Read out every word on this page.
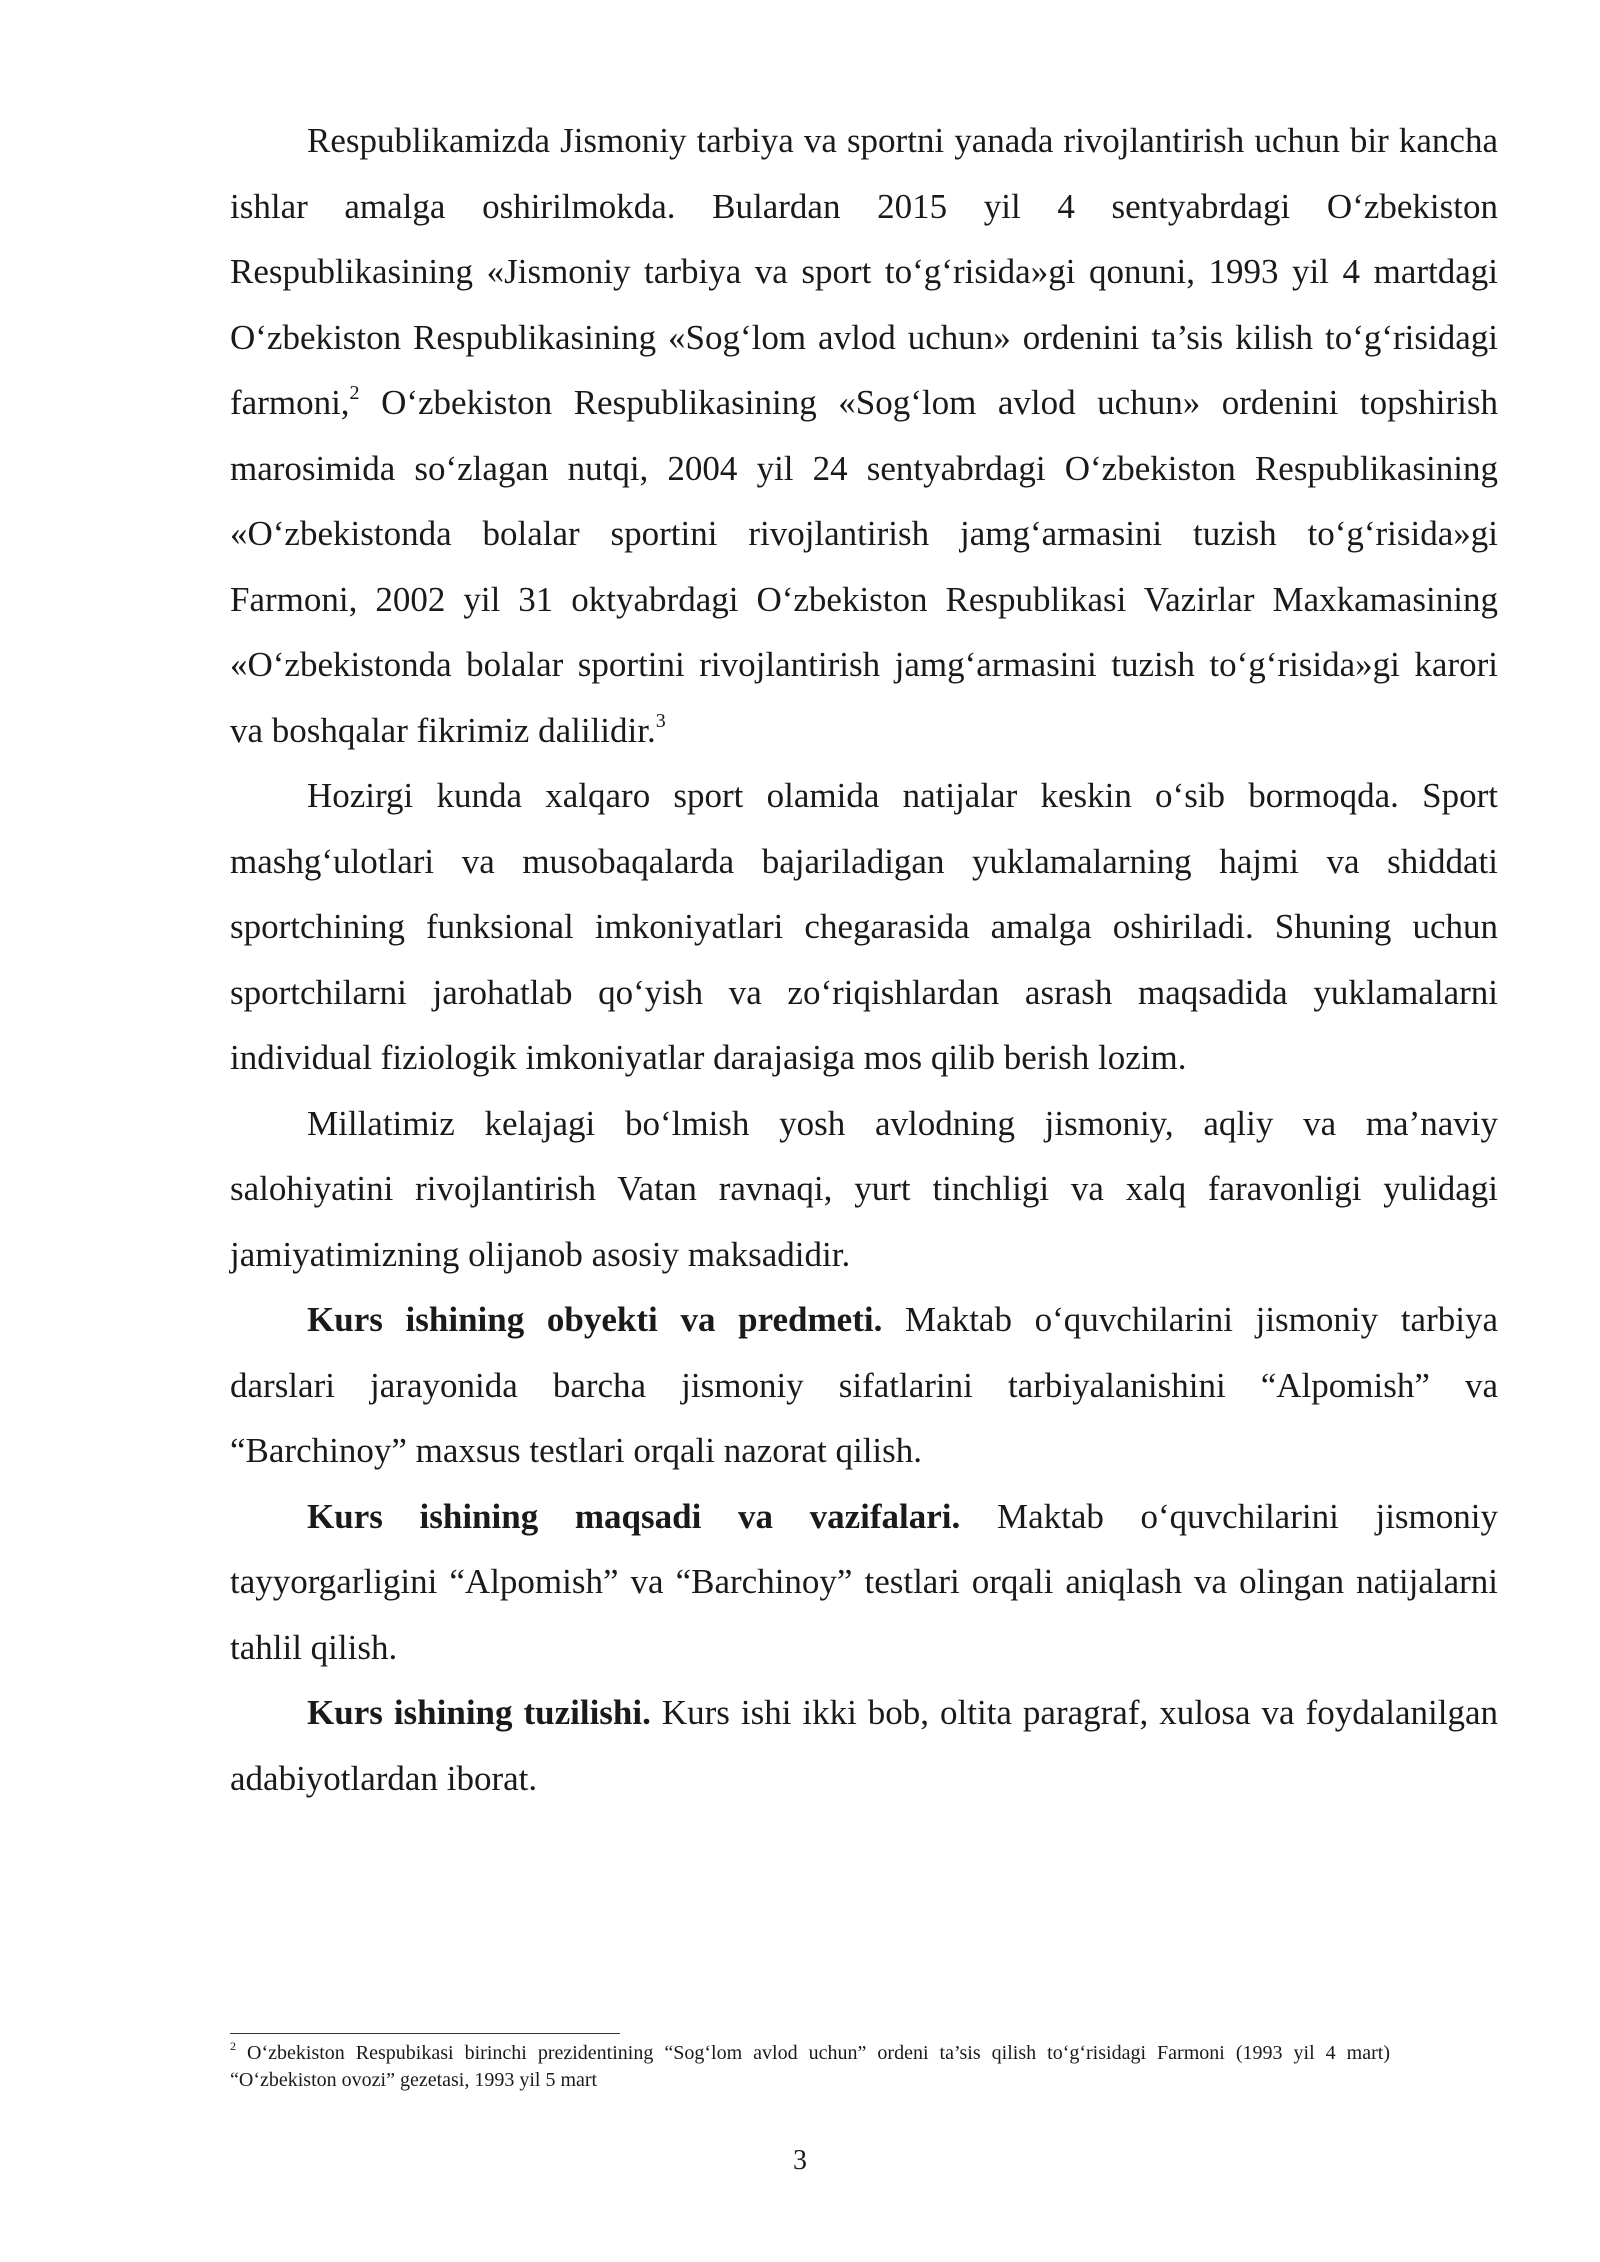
Respublikamizda Jismoniy tarbiya va sportni yanada rivojlantirish uchun bir kancha ishlar amalga oshirilmokda. Bulardan 2015 yil 4 sentyabrdagi O‘zbekiston Respublikasining «Jismoniy tarbiya va sport to‘g‘risida»gi qonuni, 1993 yil 4 martdagi O‘zbekiston Respublikasining «Sog‘lom avlod uchun» ordenini ta’sis kilish to‘g‘risidagi farmoni,$^2$ O‘zbekiston Respublikasining «Sog‘lom avlod uchun» ordenini topshirish marosimida so‘zlagan nutqi, 2004 yil 24 sentyabrdagi O‘zbekiston Respublikasining «O‘zbekistonda bolalar sportini rivojlantirish jamg‘armasini tuzish to‘g‘risida»gi Farmoni, 2002 yil 31 oktyabrdagi O‘zbekiston Respublikasi Vazirlar Maxkamasining «O‘zbekistonda bolalar sportini rivojlantirish jamg‘armasini tuzish to‘g‘risida»gi karori va boshqalar fikrimiz dalilidir.$^3$

Hozirgi kunda xalqaro sport olamida natijalar keskin o‘sib bormoqda. Sport mashg‘ulotlari va musobaqalarda bajariladigan yuklamalarning hajmi va shiddati sportchining funksional imkoniyatlari chegarasida amalga oshiriladi. Shuning uchun sportchilarni jarohatlab qo‘yish va zo‘riqishlardan asrash maqsadida yuklamalarni individual fiziologik imkoniyatlar darajasiga mos qilib berish lozim.

Millatimiz kelajagi bo‘lmish yosh avlodning jismoniy, aqliy va ma’naviy salohiyatini rivojlantirish Vatan ravnaqi, yurt tinchligi va xalq faravonligi yulidagi jamiyatimizning olijanob asosiy maksadidir.

Kurs ishining obyekti va predmeti. Maktab o‘quvchilarini jismoniy tarbiya darslari jarayonida barcha jismoniy sifatlarini tarbiyalanishini “Alpomish” va “Barchinoy” maxsus testlari orqali nazorat qilish.

Kurs ishining maqsadi va vazifalari. Maktab o‘quvchilarini jismoniy tayyorgarligini “Alpomish” va “Barchinoy” testlari orqali aniqlash va olingan natijalarni tahlil qilish.

Kurs ishining tuzilishi. Kurs ishi ikki bob, oltita paragraf, xulosa va foydalanilgan adabiyotlardan iborat.

$^2$ O‘zbekiston Respubikasi birinchi prezidentining “Sog‘lom avlod uchun” ordeni ta’sis qilish to‘g‘risidagi Farmoni (1993 yil 4 mart) “O‘zbekiston ovozi” gezetasi, 1993 yil 5 mart
3
